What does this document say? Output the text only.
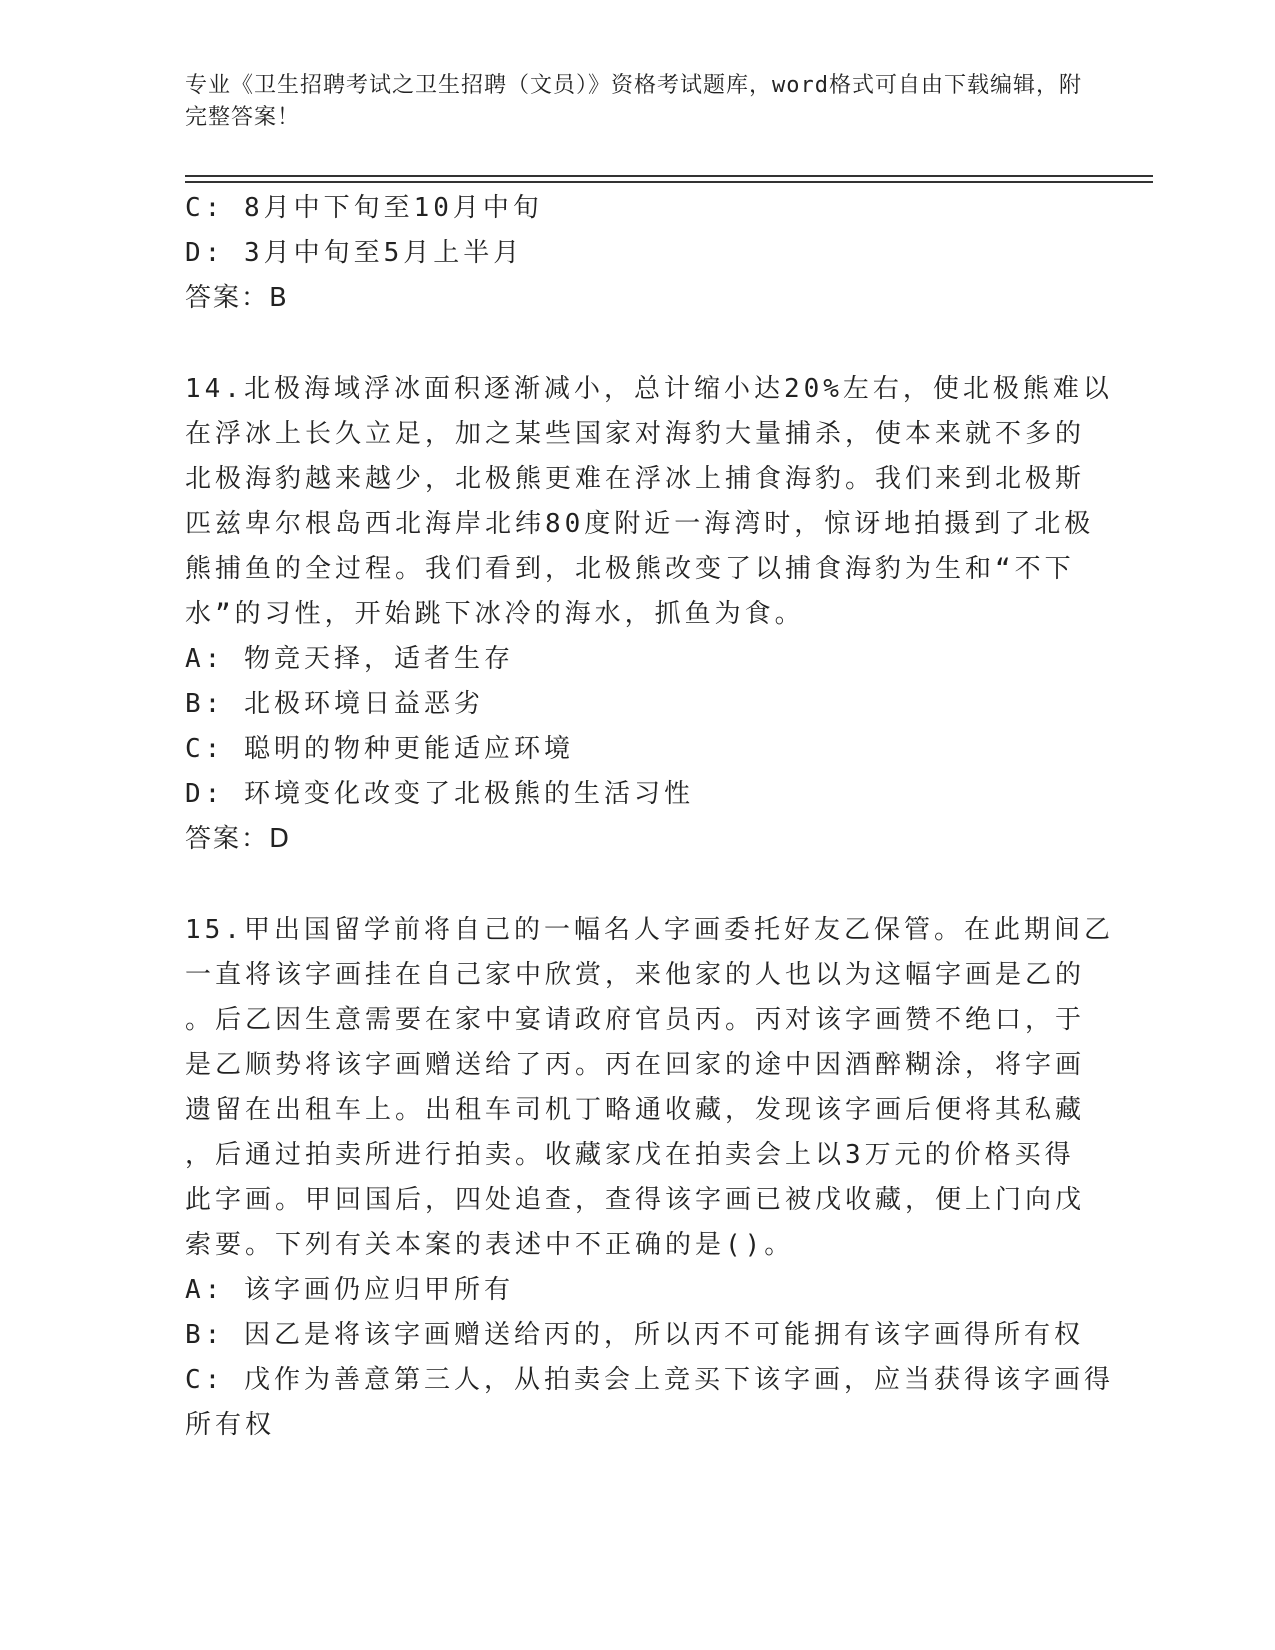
专业《卫生招聘考试之卫生招聘（文员）》资格考试题库，word格式可自由下载编辑，附完整答案！
C: 8月中下旬至10月中旬
D: 3月中旬至5月上半月
答案：B
14.北极海域浮冰面积逐渐减小，总计缩小达20%左右，使北极熊难以
在浮冰上长久立足，加之某些国家对海豹大量捕杀，使本来就不多的
北极海豹越来越少，北极熊更难在浮冰上捕食海豹。我们来到北极斯
匹兹卑尔根岛西北海岸北纬80度附近一海湾时，惊讶地拍摄到了北极
熊捕鱼的全过程。我们看到，北极熊改变了以捕食海豹为生和“不下
水”的习性，开始跳下冰冷的海水，抓鱼为食。
A: 物竞天择，适者生存
B: 北极环境日益恶劣
C: 聪明的物种更能适应环境
D: 环境变化改变了北极熊的生活习性
答案：D
15.甲出国留学前将自己的一幅名人字画委托好友乙保管。在此期间乙
一直将该字画挂在自己家中欣赏，来他家的人也以为这幅字画是乙的
。后乙因生意需要在家中宴请政府官员丙。丙对该字画赞不绝口，于
是乙顺势将该字画赠送给了丙。丙在回家的途中因酒醉糊涂，将字画
遗留在出租车上。出租车司机丁略通收藏，发现该字画后便将其私藏
，后通过拍卖所进行拍卖。收藏家戊在拍卖会上以3万元的价格买得
此字画。甲回国后，四处追查，查得该字画已被戊收藏，便上门向戊
索要。下列有关本案的表述中不正确的是()。
A: 该字画仍应归甲所有
B: 因乙是将该字画赠送给丙的，所以丙不可能拥有该字画得所有权
C: 戊作为善意第三人，从拍卖会上竞买下该字画，应当获得该字画得
所有权
